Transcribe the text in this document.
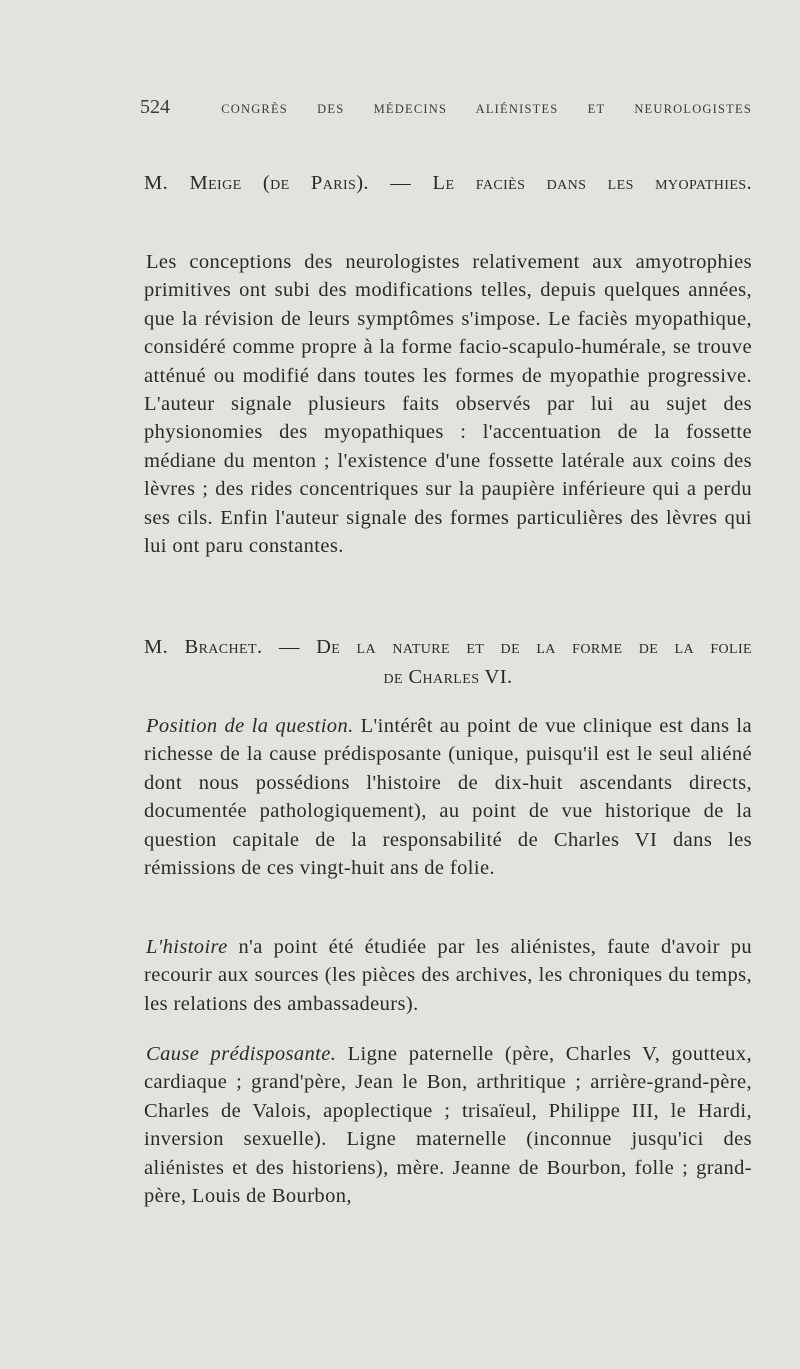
524	CONGRÈS DES MÉDECINS ALIÉNISTES ET NEUROLOGISTES

M. Meige (de Paris). — Le faciès dans les myopathies.

Les conceptions des neurologistes relativement aux amyotrophies primitives ont subi des modifications telles, depuis quelques années, que la révision de leurs symptômes s'impose. Le faciès myopathique, considéré comme propre à la forme facio-scapulo-humérale, se trouve atténué ou modifié dans toutes les formes de myopathie progressive. L'auteur signale plusieurs faits observés par lui au sujet des physionomies des myopathiques : l'accentuation de la fossette médiane du menton ; l'existence d'une fossette latérale aux coins des lèvres ; des rides concentriques sur la paupière inférieure qui a perdu ses cils. Enfin l'auteur signale des formes particulières des lèvres qui lui ont paru constantes.

M. Brachet. — De la nature et de la forme de la folie

de Charles VI.

Position de la question. L'intérêt au point de vue clinique est dans la richesse de la cause prédisposante (unique, puisqu'il est le seul aliéné dont nous possédions l'histoire de dix-huit ascendants directs, documentée pathologiquement), au point de vue historique de la question capitale de la responsabilité de Charles VI dans les rémissions de ces vingt-huit ans de folie.

L'histoire n'a point été étudiée par les aliénistes, faute d'avoir pu recourir aux sources (les pièces des archives, les chroniques du temps, les relations des ambassadeurs).

Cause prédisposante. Ligne paternelle (père, Charles V, goutteux, cardiaque ; grand'père, Jean le Bon, arthritique ; arrière-grand-père, Charles de Valois, apoplectique ; trisaïeul, Philippe III, le Hardi, inversion sexuelle). Ligne maternelle (inconnue jusqu'ici des aliénistes et des historiens), mère. Jeanne de Bourbon, folle ; grand-père, Louis de Bourbon,
